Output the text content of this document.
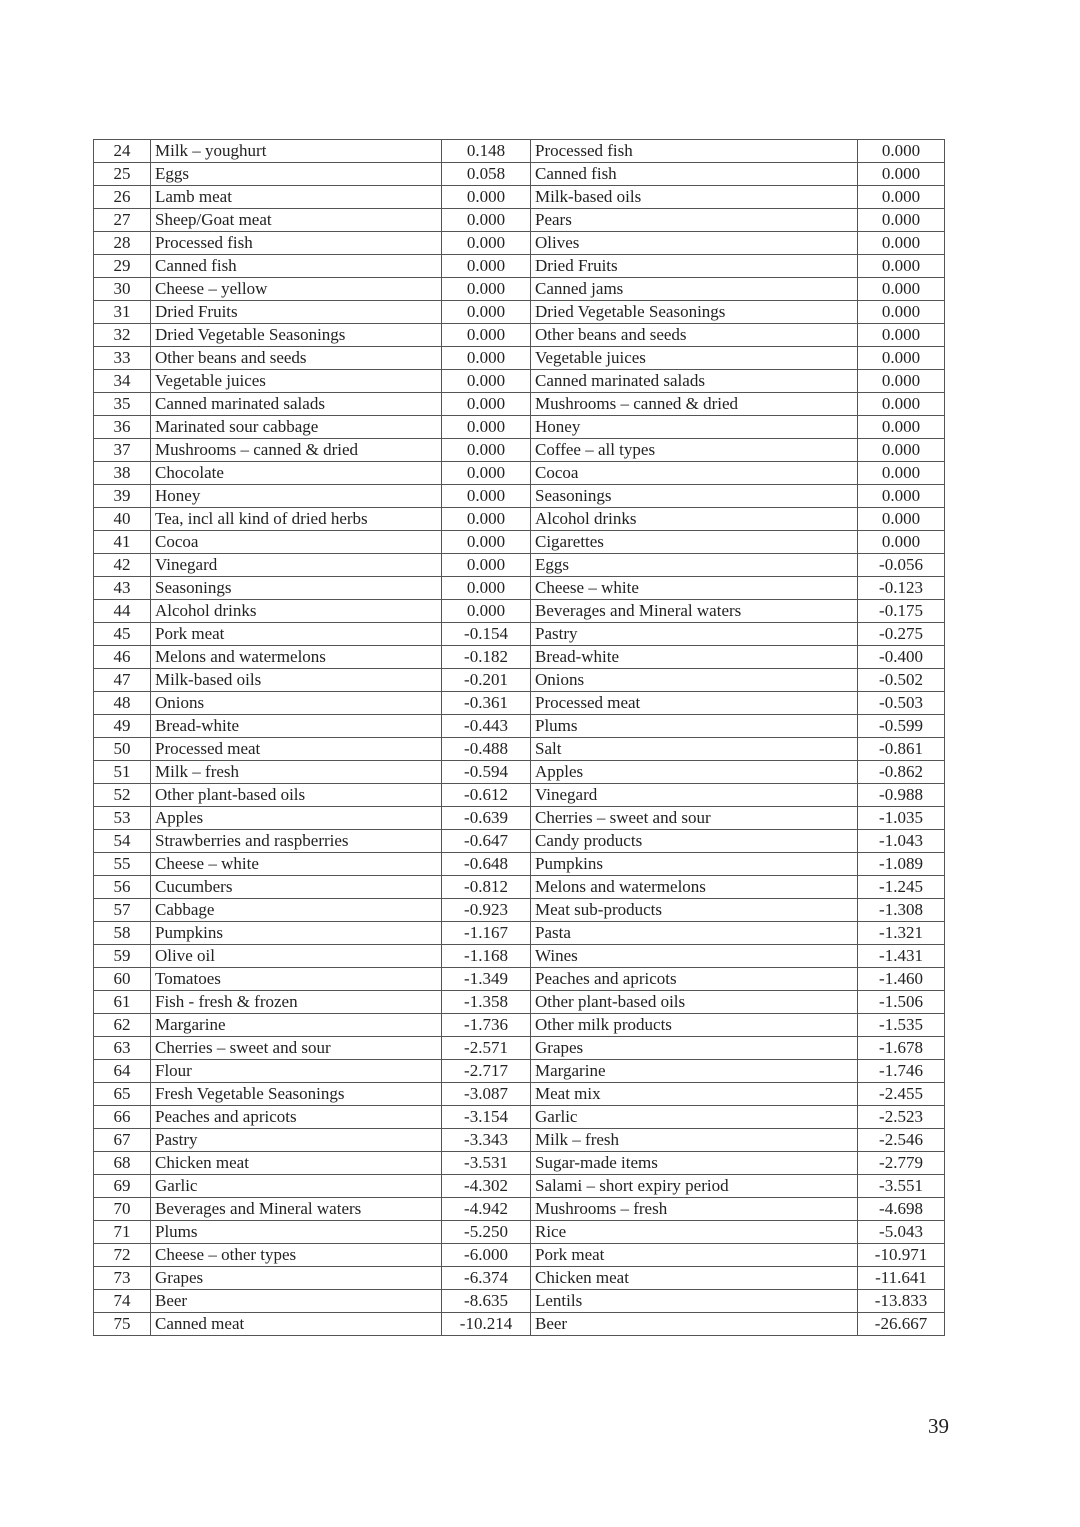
24	Milk – youghurt	0.148	Processed fish	0.000
25	Eggs	0.058	Canned fish	0.000
26	Lamb meat	0.000	Milk-based oils	0.000
27	Sheep/Goat meat	0.000	Pears	0.000
28	Processed fish	0.000	Olives	0.000
29	Canned fish	0.000	Dried Fruits	0.000
30	Cheese – yellow	0.000	Canned jams	0.000
31	Dried Fruits	0.000	Dried Vegetable Seasonings	0.000
32	Dried Vegetable Seasonings	0.000	Other beans and seeds	0.000
33	Other beans and seeds	0.000	Vegetable juices	0.000
34	Vegetable juices	0.000	Canned marinated salads	0.000
35	Canned marinated salads	0.000	Mushrooms – canned & dried	0.000
36	Marinated sour cabbage	0.000	Honey	0.000
37	Mushrooms – canned & dried	0.000	Coffee – all types	0.000
38	Chocolate	0.000	Cocoa	0.000
39	Honey	0.000	Seasonings	0.000
40	Tea, incl all kind of dried herbs	0.000	Alcohol drinks	0.000
41	Cocoa	0.000	Cigarettes	0.000
42	Vinegard	0.000	Eggs	-0.056
43	Seasonings	0.000	Cheese – white	-0.123
44	Alcohol drinks	0.000	Beverages and Mineral waters	-0.175
45	Pork meat	-0.154	Pastry	-0.275
46	Melons and watermelons	-0.182	Bread-white	-0.400
47	Milk-based oils	-0.201	Onions	-0.502
48	Onions	-0.361	Processed meat	-0.503
49	Bread-white	-0.443	Plums	-0.599
50	Processed meat	-0.488	Salt	-0.861
51	Milk – fresh	-0.594	Apples	-0.862
52	Other plant-based oils	-0.612	Vinegard	-0.988
53	Apples	-0.639	Cherries – sweet and sour	-1.035
54	Strawberries and raspberries	-0.647	Candy products	-1.043
55	Cheese – white	-0.648	Pumpkins	-1.089
56	Cucumbers	-0.812	Melons and watermelons	-1.245
57	Cabbage	-0.923	Meat sub-products	-1.308
58	Pumpkins	-1.167	Pasta	-1.321
59	Olive oil	-1.168	Wines	-1.431
60	Tomatoes	-1.349	Peaches and apricots	-1.460
61	Fish - fresh & frozen	-1.358	Other plant-based oils	-1.506
62	Margarine	-1.736	Other milk products	-1.535
63	Cherries – sweet and sour	-2.571	Grapes	-1.678
64	Flour	-2.717	Margarine	-1.746
65	Fresh Vegetable Seasonings	-3.087	Meat mix	-2.455
66	Peaches and apricots	-3.154	Garlic	-2.523
67	Pastry	-3.343	Milk – fresh	-2.546
68	Chicken meat	-3.531	Sugar-made items	-2.779
69	Garlic	-4.302	Salami – short expiry period	-3.551
70	Beverages and Mineral waters	-4.942	Mushrooms – fresh	-4.698
71	Plums	-5.250	Rice	-5.043
72	Cheese – other types	-6.000	Pork meat	-10.971
73	Grapes	-6.374	Chicken meat	-11.641
74	Beer	-8.635	Lentils	-13.833
75	Canned meat	-10.214	Beer	-26.667
39
